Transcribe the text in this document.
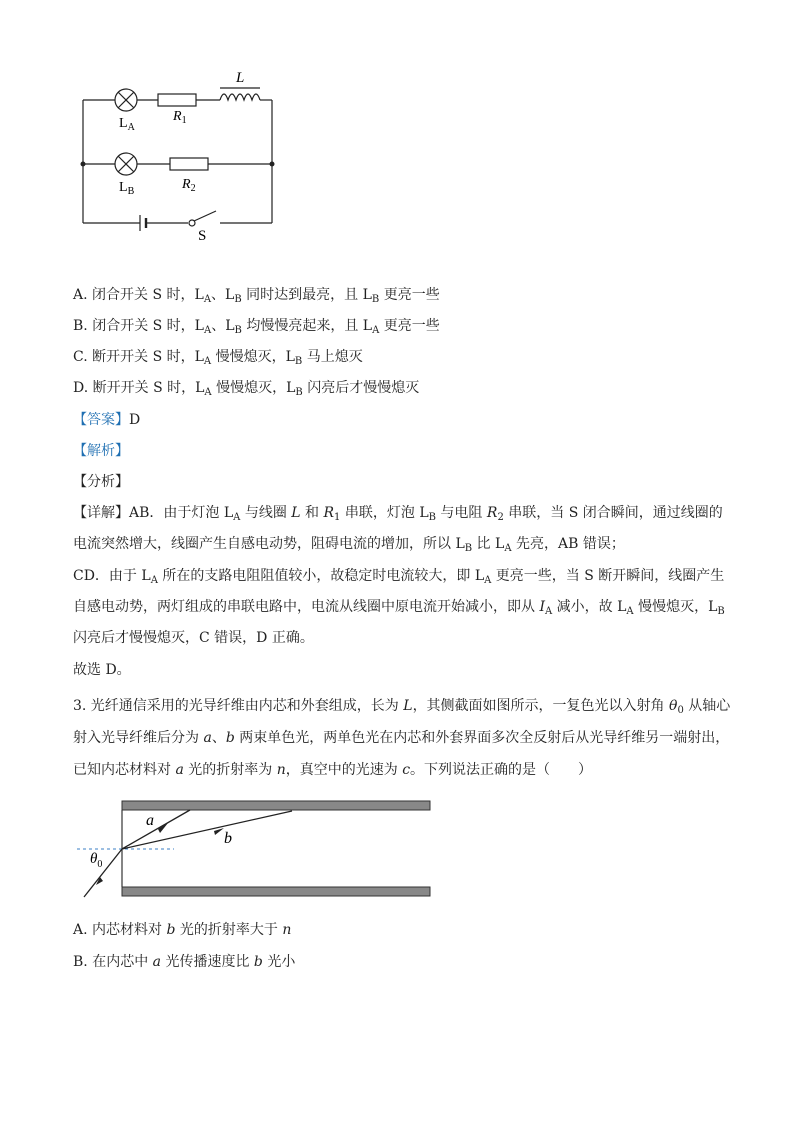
L
$L_A$
$R_1$
$L_B$	$R_2$
S
A. 闭合开关 S 时，$L_A$、$L_B$ 同时达到最亮，且 $L_B$ 更亮一些
B. 闭合开关 S 时，$L_A$、$L_B$ 均慢慢亮起来，且 $L_A$ 更亮一些
C. 断开开关 S 时，$L_A$ 慢慢熄灭，$L_B$ 马上熄灭
D. 断开开关 S 时，$L_A$ 慢慢熄灭，$L_B$ 闪亮后才慢慢熄灭
【答案】D
【解析】
【分析】
【详解】AB．由于灯泡 $L_A$ 与线圈 L 和 $R_1$ 串联，灯泡 $L_B$ 与电阻 $R_2$ 串联，当 S 闭合瞬间，通过线圈的电流突然增大，线圈产生自感电动势，阻碍电流的增加，所以 $L_B$ 比 $L_A$ 先亮，AB 错误；
CD．由于 $L_A$ 所在的支路电阻阻值较小，故稳定时电流较大，即 $L_A$ 更亮一些，当 S 断开瞬间，线圈产生自感电动势，两灯组成的串联电路中，电流从线圈中原电流开始减小，即从 $I_A$ 减小，故 $L_A$ 慢慢熄灭，$L_B$ 闪亮后才慢慢熄灭，C 错误，D 正确。
故选 D。
3. 光纤通信采用的光导纤维由内芯和外套组成，长为 L，其侧截面如图所示，一复色光以入射角 $\theta_0$ 从轴心射入光导纤维后分为 a、b 两束单色光，两单色光在内芯和外套界面多次全反射后从光导纤维另一端射出，已知内芯材料对 a 光的折射率为 n，真空中的光速为 c。下列说法正确的是（　　）
a
b
$\theta_0$
A. 内芯材料对 b 光的折射率大于 n
B. 在内芯中 a 光传播速度比 b 光小
